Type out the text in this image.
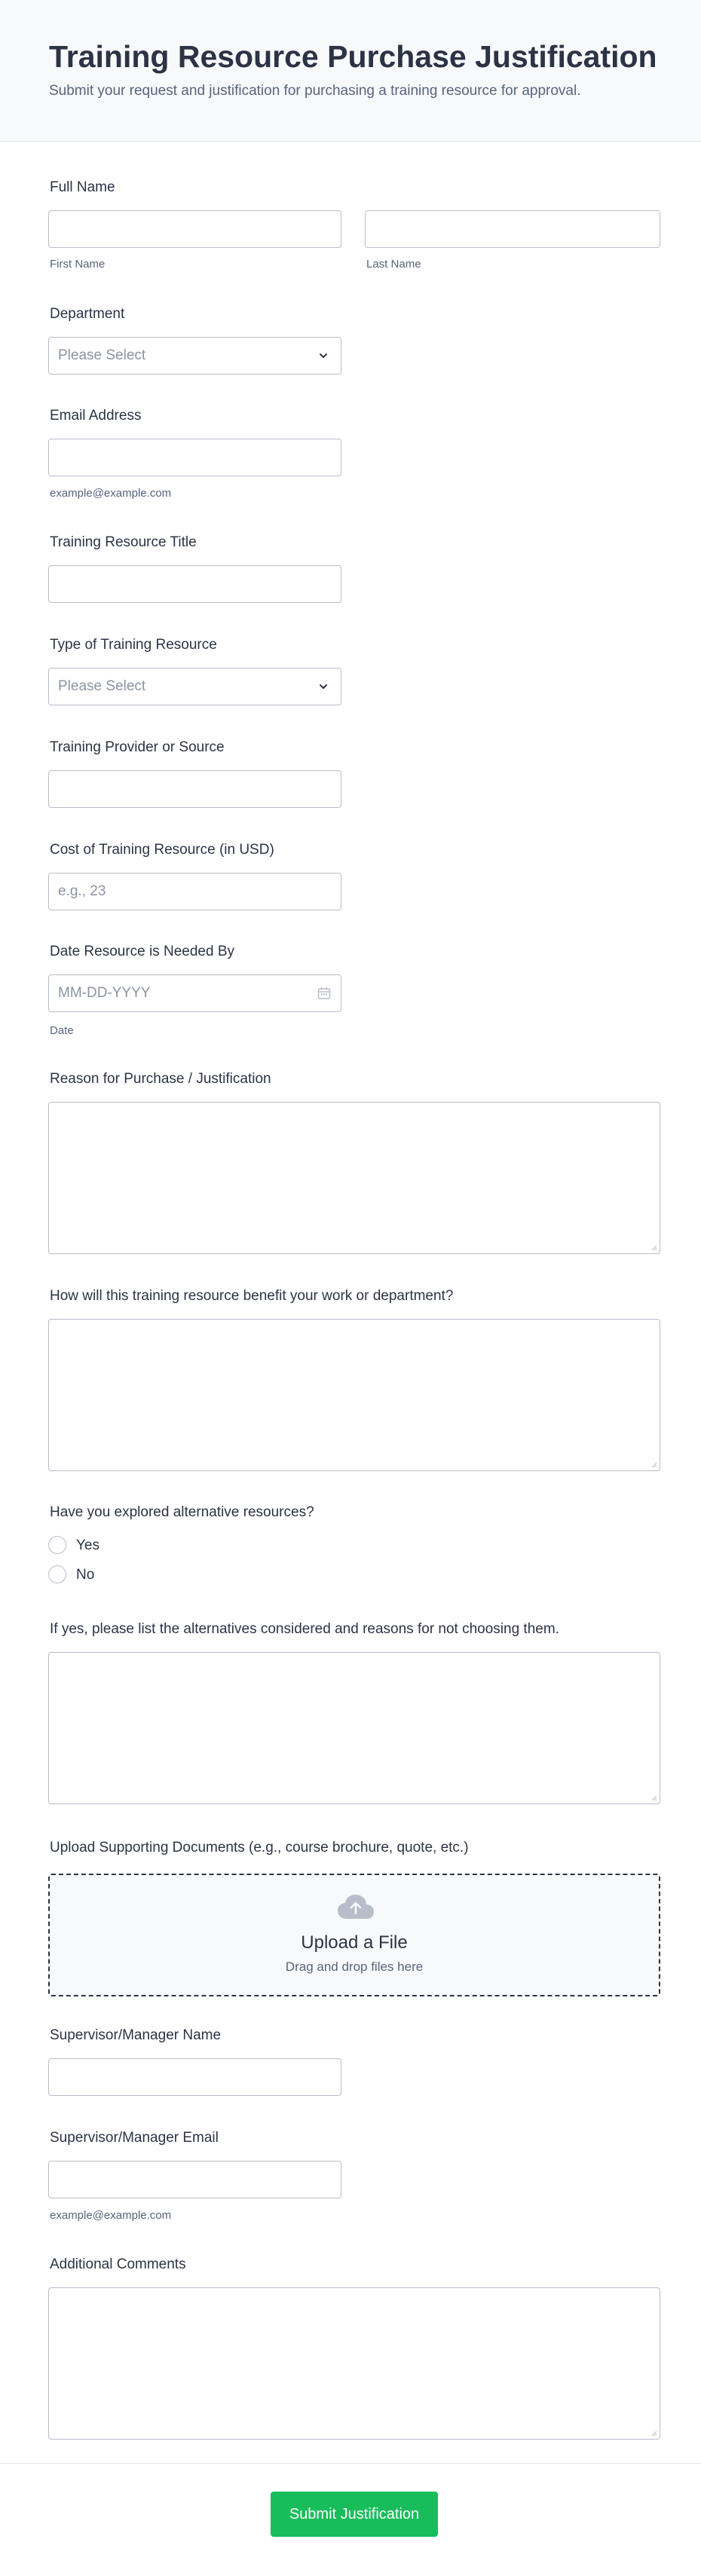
Training Resource Purchase Justification

Submit your request and justification for purchasing a training resource for approval.

Full Name
First Name	Last Name
Department
Please Select
Email Address
example@example.com
Training Resource Title
Type of Training Resource
Please Select
Training Provider or Source
Cost of Training Resource (in USD)
e.g., 23
Date Resource is Needed By
MM-DD-YYYY
Date
Reason for Purchase / Justification
How will this training resource benefit your work or department?
Have you explored alternative resources?
Yes
No
If yes, please list the alternatives considered and reasons for not choosing them.
Upload Supporting Documents (e.g., course brochure, quote, etc.)
Upload a File
Drag and drop files here
Supervisor/Manager Name
Supervisor/Manager Email
example@example.com
Additional Comments
Submit Justification
